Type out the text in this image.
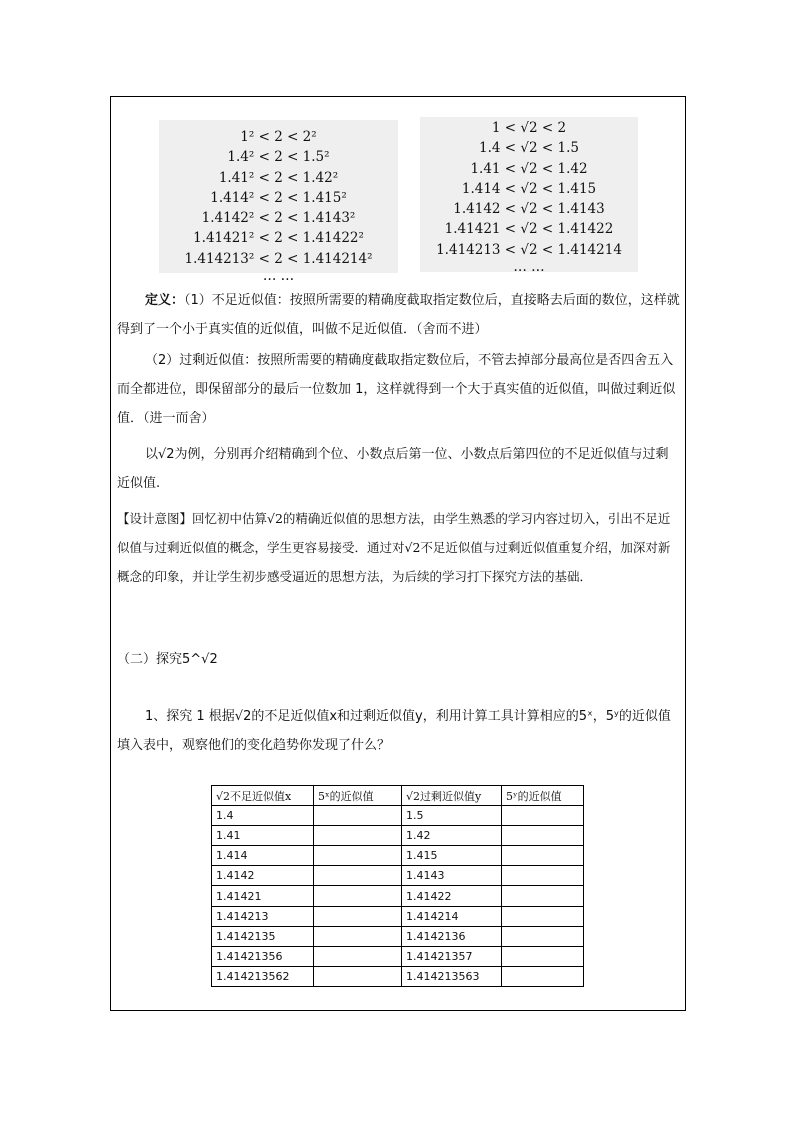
1² < 2 < 2²
1.4² < 2 < 1.5²
1.41² < 2 < 1.42²
1.414² < 2 < 1.415²
1.4142² < 2 < 1.4143²
1.41421² < 2 < 1.41422²
1.414213² < 2 < 1.414214²
… …
1 < √2 < 2
1.4 < √2 < 1.5
1.41 < √2 < 1.42
1.414 < √2 < 1.415
1.4142 < √2 < 1.4143
1.41421 < √2 < 1.41422
1.414213 < √2 < 1.414214
… …
定义：（1）不足近似值：按照所需要的精确度截取指定数位后，直接略去后面的数位，这样就得到了一个小于真实值的近似值，叫做不足近似值．（舍而不进）
（2）过剩近似值：按照所需要的精确度截取指定数位后，不管去掉部分最高位是否四舍五入而全都进位，即保留部分的最后一位数加 1，这样就得到一个大于真实值的近似值，叫做过剩近似值．（进一而舍）
以√2为例，分别再介绍精确到个位、小数点后第一位、小数点后第四位的不足近似值与过剩近似值.
【设计意图】回忆初中估算√2的精确近似值的思想方法，由学生熟悉的学习内容过切入，引出不足近似值与过剩近似值的概念，学生更容易接受．通过对√2不足近似值与过剩近似值重复介绍，加深对新概念的印象，并让学生初步感受逼近的思想方法，为后续的学习打下探究方法的基础．
（二）探究5^√2
1、探究 1 根据√2的不足近似值x和过剩近似值y，利用计算工具计算相应的5ˣ，5ʸ的近似值填入表中，观察他们的变化趋势你发现了什么？
√2不足近似值x	5ˣ的近似值	√2过剩近似值y	5ʸ的近似值
1.4		1.5	
1.41		1.42	
1.414		1.415	
1.4142		1.4143	
1.41421		1.41422	
1.414213		1.414214	
1.4142135		1.4142136	
1.41421356		1.41421357	
1.414213562		1.414213563	
